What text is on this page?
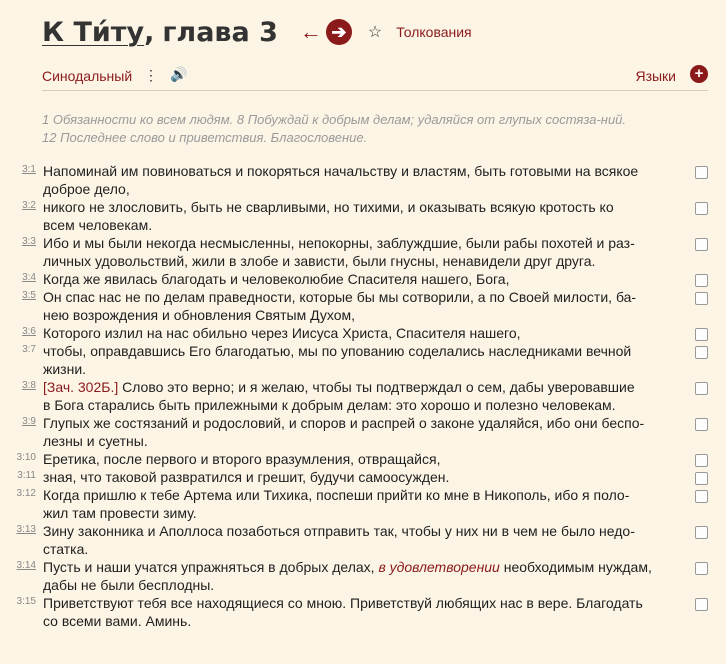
К Ти́ту , глава 3 ← ➔	☆ Толкования
Синодальный ⋮ 🔊	Языки	+
1 Обязанности ко всем людям. 8 Побуждай к добрым делам; удаляйся от глупых состяза-ний. 12 Последнее слово и приветствия. Благословение.
3:1 Напоминай им повиноваться и покоряться начальству и властям, быть готовыми на всякое
доброе дело,
3:2 никого не злословить, быть не сварливыми, но тихими, и оказывать всякую кротость ко
всем человекам.
3:3 Ибо и мы были некогда несмысленны, непокорны, заблуждшие, были рабы похотей и раз-
личных удовольствий, жили в злобе и зависти, были гнусны, ненавидели друг друга.
3:4 Когда же явилась благодать и человеколюбие Спасителя нашего, Бога,
3:5 Он спас нас не по делам праведности, которые бы мы сотворили, а по Своей милости, ба-
нею возрождения и обновления Святым Духом,
3:6 Которого излил на нас обильно через Иисуса Христа, Спасителя нашего,
3:7 чтобы, оправдавшись Его благодатью, мы по упованию соделались наследниками вечной
жизни.
3:8 [Зач. 302Б.] Слово это верно; и я желаю, чтобы ты подтверждал о сем, дабы уверовавшие
в Бога старались быть прилежными к добрым делам: это хорошо и полезно человекам.
3:9 Глупых же состязаний и родословий, и споров и распрей о законе удаляйся, ибо они беспо-
лезны и суетны.
3:10 Еретика, после первого и второго вразумления, отвращайся,
3:11 зная, что таковой развратился и грешит, будучи самоосужден.
3:12 Когда пришлю к тебе Артема или Тихика, поспеши прийти ко мне в Никополь, ибо я поло-
жил там провести зиму.
3:13 Зину законника и Аполлоса позаботься отправить так, чтобы у них ни в чем не было недо-
статка.
3:14 Пусть и наши учатся упражняться в добрых делах, в удовлетворении необходимым нуждам,
дабы не были бесплодны.
3:15 Приветствуют тебя все находящиеся со мною. Приветствуй любящих нас в вере. Благодать
со всеми вами. Аминь.
